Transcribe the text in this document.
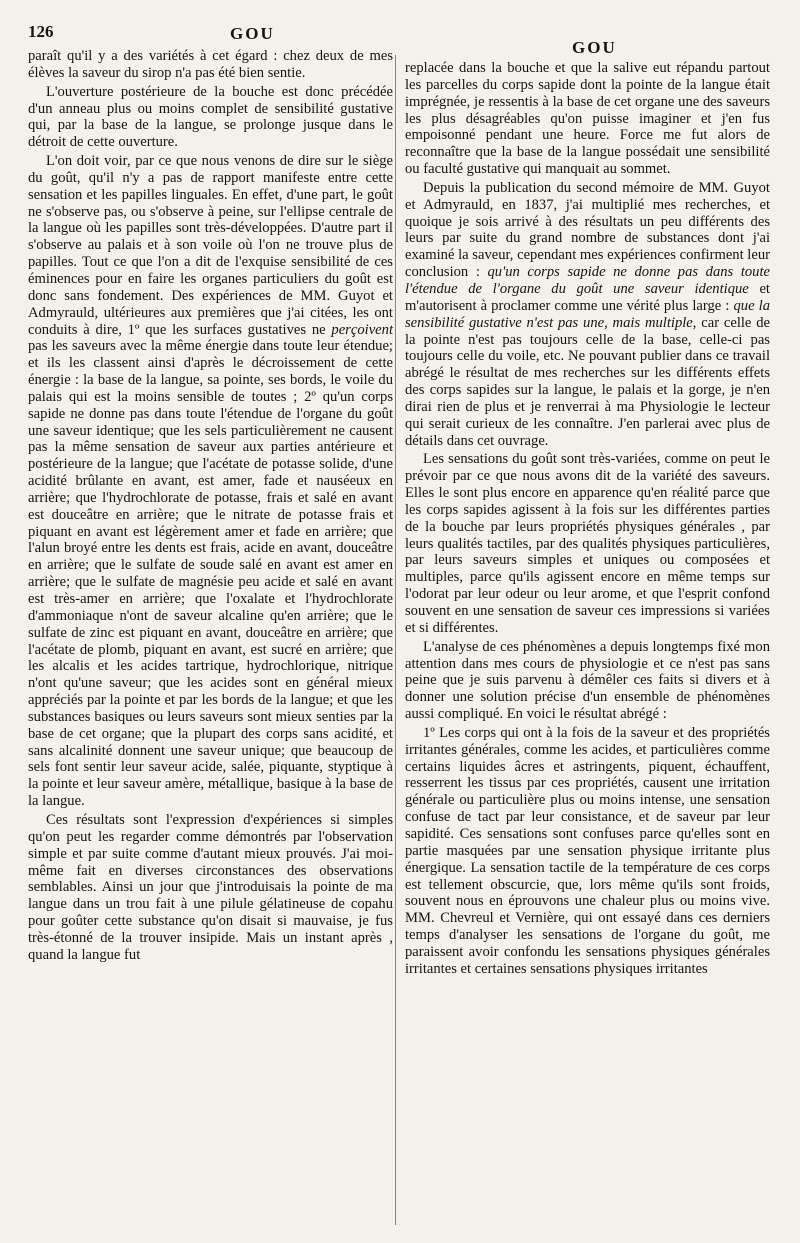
126	GOU
GOU

paraît qu'il y a des variétés à cet égard : chez deux de mes élèves la saveur du sirop n'a pas été bien sentie.

L'ouverture postérieure de la bouche est donc précédée d'un anneau plus ou moins complet de sensibilité gustative qui, par la base de la langue, se prolonge jusque dans le détroit de cette ouverture.

L'on doit voir, par ce que nous venons de dire sur le siège du goût, qu'il n'y a pas de rapport manifeste entre cette sensation et les papilles linguales. En effet, d'une part, le goût ne s'observe pas, ou s'observe à peine, sur l'ellipse centrale de la langue où les papilles sont très-développées. D'autre part il s'observe au palais et à son voile où l'on ne trouve plus de papilles. Tout ce que l'on a dit de l'exquise sensibilité de ces éminences pour en faire les organes particuliers du goût est donc sans fondement. Des expériences de MM. Guyot et Admyrauld, ultérieures aux premières que j'ai citées, les ont conduits à dire, 1º que les surfaces gustatives ne perçoivent pas les saveurs avec la même énergie dans toute leur étendue; et ils les classent ainsi d'après le décroissement de cette énergie : la base de la langue, sa pointe, ses bords, le voile du palais qui est la moins sensible de toutes ; 2º qu'un corps sapide ne donne pas dans toute l'étendue de l'organe du goût une saveur identique; que les sels particulièrement ne causent pas la même sensation de saveur aux parties antérieure et postérieure de la langue; que l'acétate de potasse solide, d'une acidité brûlante en avant, est amer, fade et nauséeux en arrière; que l'hydrochlorate de potasse, frais et salé en avant est douceâtre en arrière; que le nitrate de potasse frais et piquant en avant est légèrement amer et fade en arrière; que l'alun broyé entre les dents est frais, acide en avant, douceâtre en arrière; que le sulfate de soude salé en avant est amer en arrière; que le sulfate de magnésie peu acide et salé en avant est très-amer en arrière; que l'oxalate et l'hydrochlorate d'ammoniaque n'ont de saveur alcaline qu'en arrière; que le sulfate de zinc est piquant en avant, douceâtre en arrière; que l'acétate de plomb, piquant en avant, est sucré en arrière; que les alcalis et les acides tartrique, hydrochlorique, nitrique n'ont qu'une saveur; que les acides sont en général mieux appréciés par la pointe et par les bords de la langue; et que les substances basiques ou leurs saveurs sont mieux senties par la base de cet organe; que la plupart des corps sans acidité, et sans alcalinité donnent une saveur unique; que beaucoup de sels font sentir leur saveur acide, salée, piquante, styptique à la pointe et leur saveur amère, métallique, basique à la base de la langue.

Ces résultats sont l'expression d'expériences si simples qu'on peut les regarder comme démontrés par l'observation simple et par suite comme d'autant mieux prouvés. J'ai moi-même fait en diverses circonstances des observations semblables. Ainsi un jour que j'introduisais la pointe de ma langue dans un trou fait à une pilule gélatineuse de copahu pour goûter cette substance qu'on disait si mauvaise, je fus très-étonné de la trouver insipide. Mais un instant après , quand la langue fut

replacée dans la bouche et que la salive eut répandu partout les parcelles du corps sapide dont la pointe de la langue était imprégnée, je ressentis à la base de cet organe une des saveurs les plus désagréables qu'on puisse imaginer et j'en fus empoisonné pendant une heure. Force me fut alors de reconnaître que la base de la langue possédait une sensibilité ou faculté gustative qui manquait au sommet.

Depuis la publication du second mémoire de MM. Guyot et Admyrauld, en 1837, j'ai multiplié mes recherches, et quoique je sois arrivé à des résultats un peu différents des leurs par suite du grand nombre de substances dont j'ai examiné la saveur, cependant mes expériences confirment leur conclusion : qu'un corps sapide ne donne pas dans toute l'étendue de l'organe du goût une saveur identique et m'autorisent à proclamer comme une vérité plus large : que la sensibilité gustative n'est pas une, mais multiple, car celle de la pointe n'est pas toujours celle de la base, celle-ci pas toujours celle du voile, etc. Ne pouvant publier dans ce travail abrégé le résultat de mes recherches sur les différents effets des corps sapides sur la langue, le palais et la gorge, je n'en dirai rien de plus et je renverrai à ma Physiologie le lecteur qui serait curieux de les connaître. J'en parlerai avec plus de détails dans cet ouvrage.

Les sensations du goût sont très-variées, comme on peut le prévoir par ce que nous avons dit de la variété des saveurs. Elles le sont plus encore en apparence qu'en réalité parce que les corps sapides agissent à la fois sur les différentes parties de la bouche par leurs propriétés physiques générales , par leurs qualités tactiles, par des qualités physiques particulières, par leurs saveurs simples et uniques ou composées et multiples, parce qu'ils agissent encore en même temps sur l'odorat par leur odeur ou leur arome, et que l'esprit confond souvent en une sensation de saveur ces impressions si variées et si différentes.

L'analyse de ces phénomènes a depuis longtemps fixé mon attention dans mes cours de physiologie et ce n'est pas sans peine que je suis parvenu à démêler ces faits si divers et à donner une solution précise d'un ensemble de phénomènes aussi compliqué. En voici le résultat abrégé :

1º Les corps qui ont à la fois de la saveur et des propriétés irritantes générales, comme les acides, et particulières comme certains liquides âcres et astringents, piquent, échauffent, resserrent les tissus par ces propriétés, causent une irritation générale ou particulière plus ou moins intense, une sensation confuse de tact par leur consistance, et de saveur par leur sapidité. Ces sensations sont confuses parce qu'elles sont en partie masquées par une sensation physique irritante plus énergique. La sensation tactile de la température de ces corps est tellement obscurcie, que, lors même qu'ils sont froids, souvent nous en éprouvons une chaleur plus ou moins vive. MM. Chevreul et Vernière, qui ont essayé dans ces derniers temps d'analyser les sensations de l'organe du goût, me paraissent avoir confondu les sensations physiques générales irritantes et certaines sensations physiques irritantes
